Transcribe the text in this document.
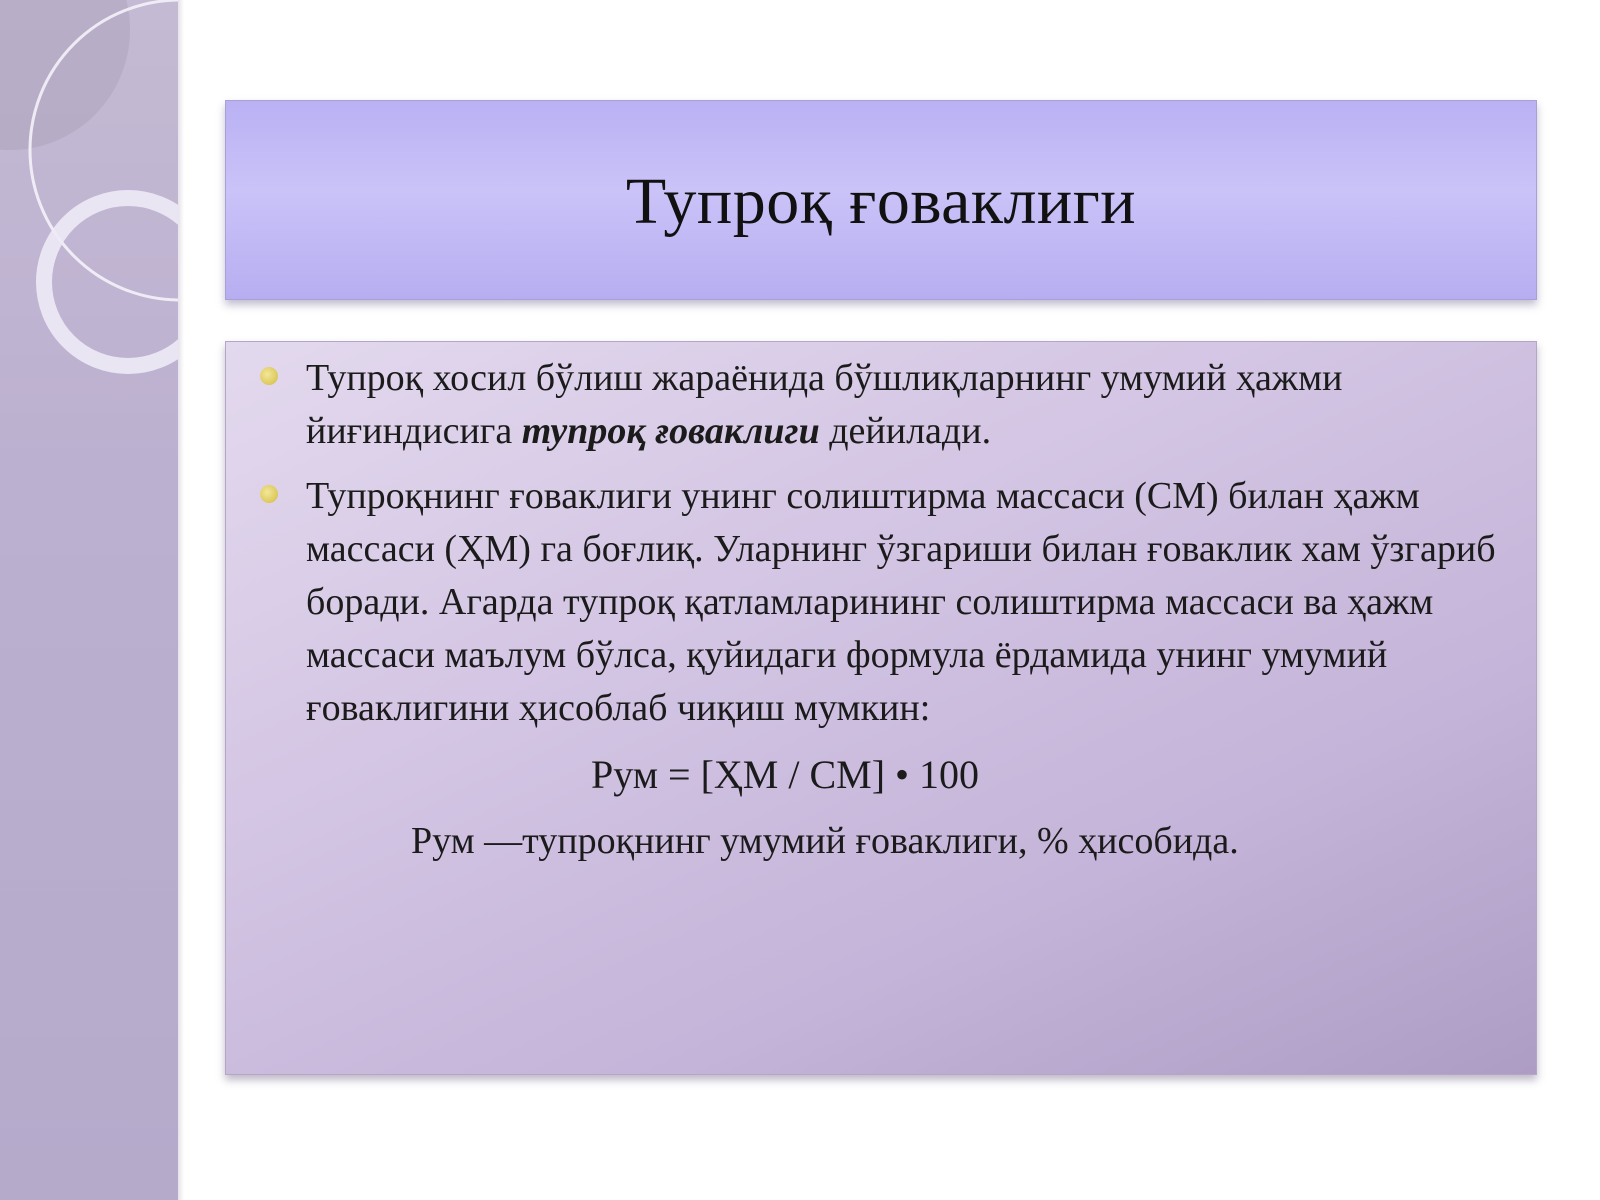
Тупроқ ғоваклиги
Тупроқ хосил бўлиш жараёнида бўшлиқларнинг умумий ҳажми йиғиндисига тупроқ ғоваклиги дейилади.
Тупроқнинг ғоваклиги унинг солиштирма массаси (СМ) билан ҳажм массаси (ҲМ) га боғлиқ. Уларнинг ўзгариши билан ғоваклик хам ўзгариб боради. Агарда тупроқ қатламларининг солиштирма массаси ва ҳажм массаси маълум бўлса, қуйидаги формула ёрдамида унинг умумий ғоваклигини ҳисоблаб чиқиш мумкин:
Рум = [ҲМ / СМ] • 100
Рум —тупроқнинг умумий ғоваклиги, % ҳисобида.
